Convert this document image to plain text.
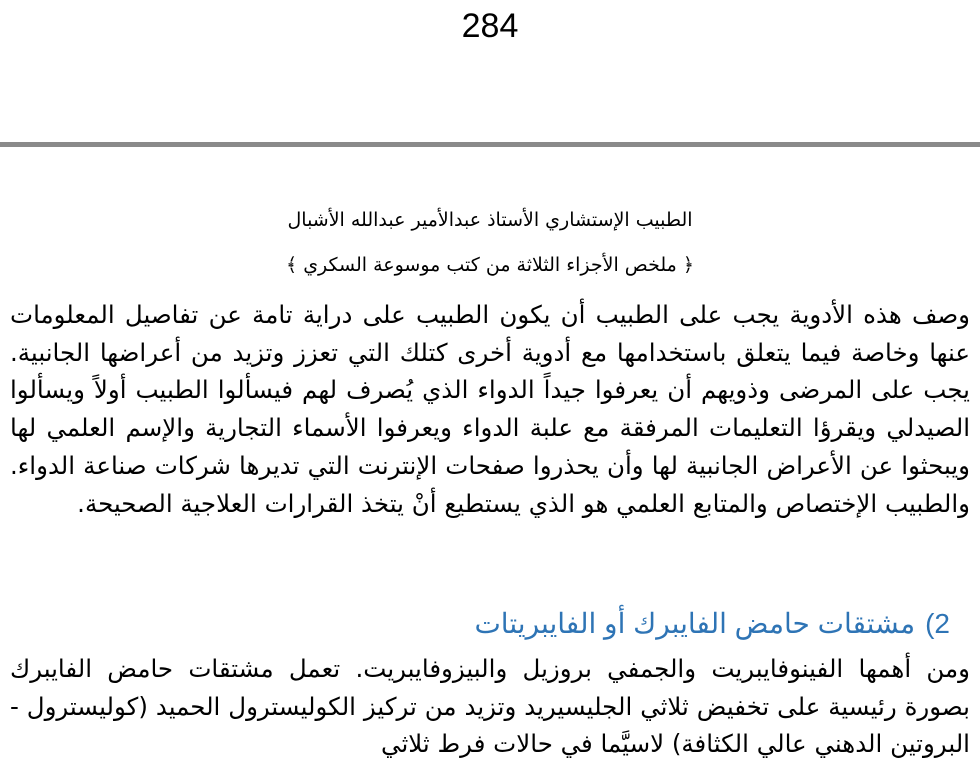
284
الطبيب الإستشاري الأستاذ عبدالأمير عبدالله الأشبال
﴿ ملخص الأجزاء الثلاثة من كتب موسوعة السكري ﴾

وصف هذه الأدوية يجب على الطبيب أن يكون الطبيب على دراية تامة عن تفاصيل المعلومات عنها وخاصة فيما يتعلق باستخدامها مع أدوية أخرى كتلك التي تعزز وتزيد من أعراضها الجانبية. يجب على المرضى وذويهم أن يعرفوا جيداً الدواء الذي يُصرف لهم فيسألوا الطبيب أولاً ويسألوا الصيدلي ويقرؤا التعليمات المرفقة مع علبة الدواء ويعرفوا الأسماء التجارية والإسم العلمي لها ويبحثوا عن الأعراض الجانبية لها وأن يحذروا صفحات الإنترنت التي تديرها شركات صناعة الدواء. والطبيب الإختصاص والمتابع العلمي هو الذي يستطيع أنْ يتخذ القرارات العلاجية الصحيحة.

2)مشتقات حامض الفايبرك أو الفايبريتات

ومن أهمها الفينوفايبريت والجمفي بروزيل والبيزوفايبريت. تعمل مشتقات حامض الفايبرك بصورة رئيسية على تخفيض ثلاثي الجليسيريد وتزيد من تركيز الكوليسترول الحميد (كوليسترول - البروتين الدهني عالي الكثافة) لاسيَّما في حالات فرط ثلاثي
